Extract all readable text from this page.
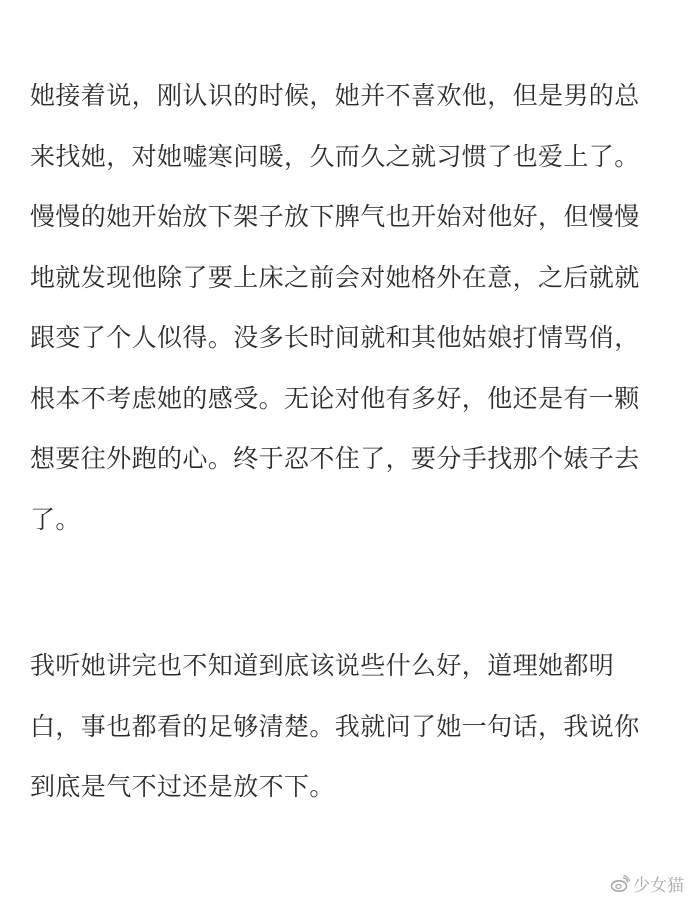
她接着说，刚认识的时候，她并不喜欢他，但是男的总
来找她，对她嘘寒问暖，久而久之就习惯了也爱上了。
慢慢的她开始放下架子放下脾气也开始对他好，但慢慢
地就发现他除了要上床之前会对她格外在意，之后就就
跟变了个人似得。没多长时间就和其他姑娘打情骂俏，
根本不考虑她的感受。无论对他有多好，他还是有一颗
想要往外跑的心。终于忍不住了，要分手找那个婊子去
了。

我听她讲完也不知道到底该说些什么好，道理她都明
白，事也都看的足够清楚。我就问了她一句话，我说你
到底是气不过还是放不下。

少女猫
